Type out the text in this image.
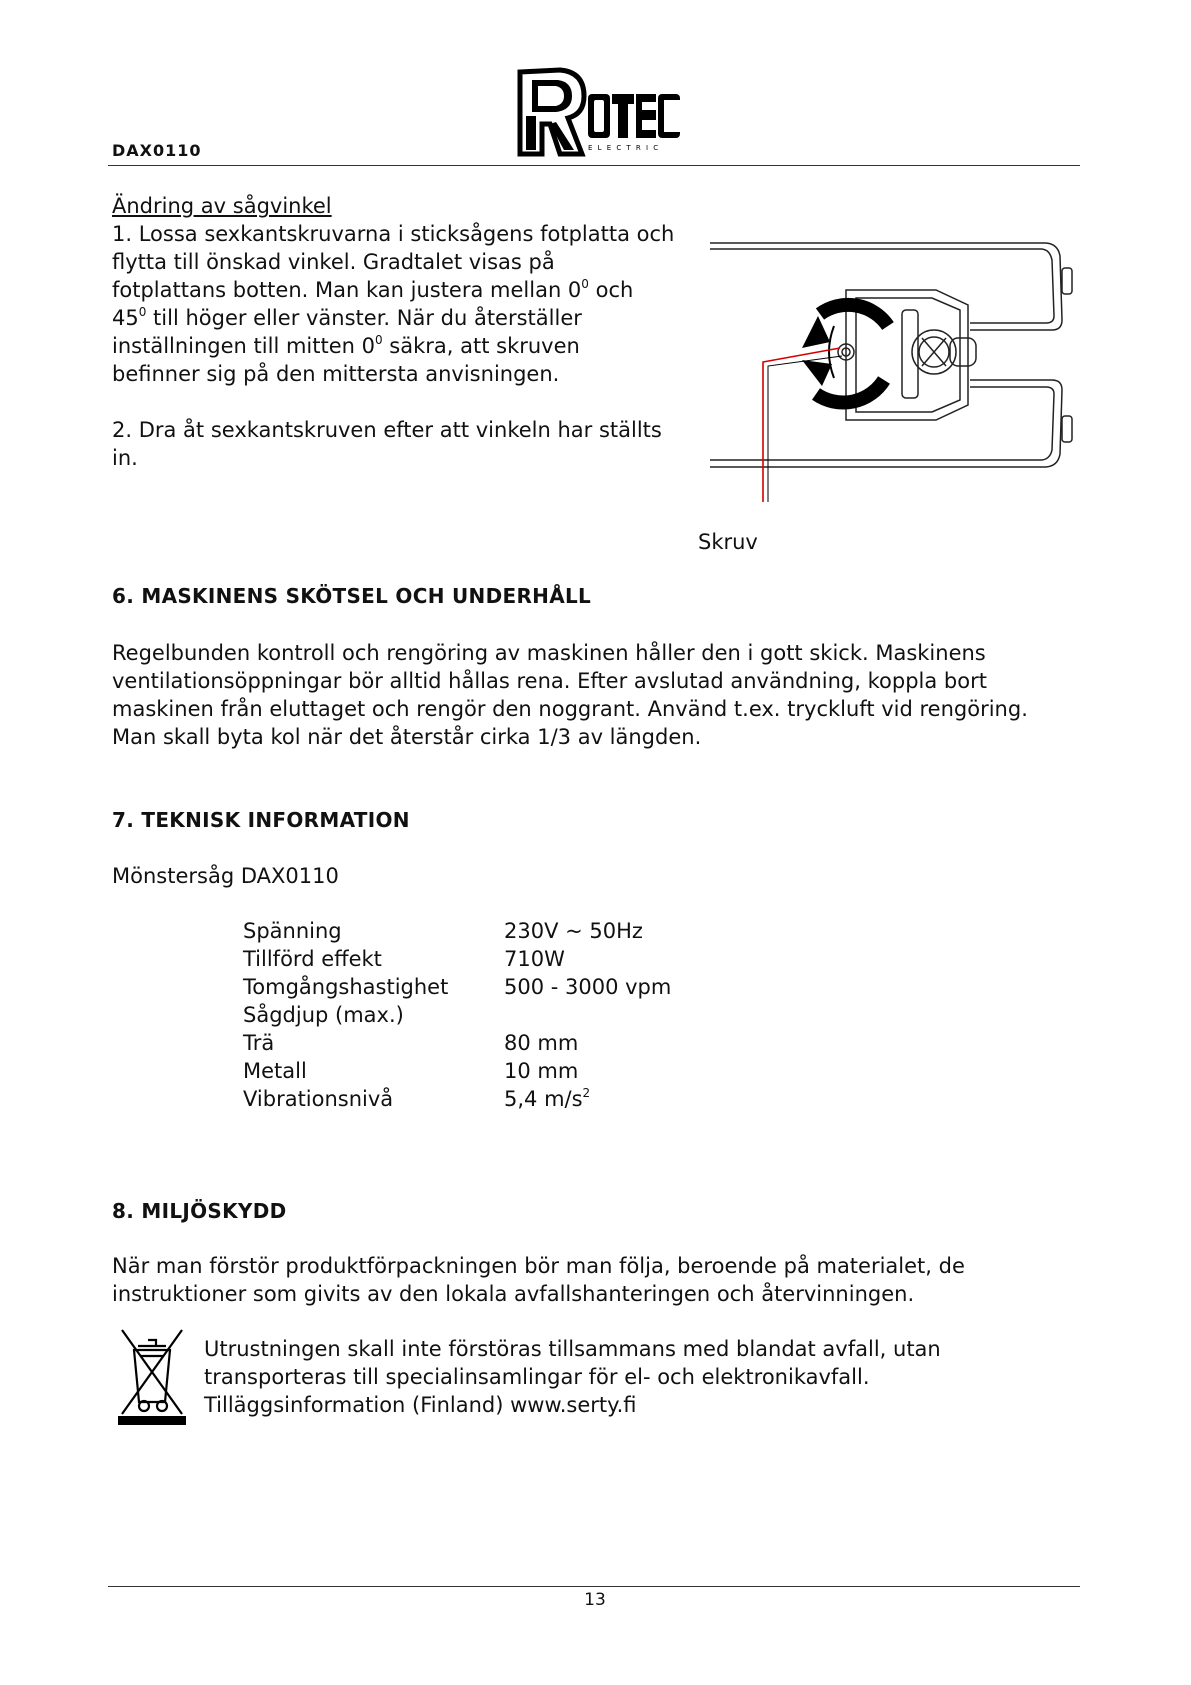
DAX0110	ELECTRIC
Ändring av sågvinkel

1. Lossa sexkantskruvarna i sticksågens fotplatta och

flytta till önskad vinkel. Gradtalet visas på

fotplattans botten. Man kan justera mellan $0^0$ och

$45^0$ till höger eller vänster. När du återställer

inställningen till mitten $0^0$ säkra, att skruven

befinner sig på den mittersta anvisningen.

2. Dra åt sexkantskruven efter att vinkeln har ställts

in.

Skruv
6. MASKINENS SKÖTSEL OCH UNDERHÅLL

Regelbunden kontroll och rengöring av maskinen håller den i gott skick. Maskinens

ventilationsöppningar bör alltid hållas rena. Efter avslutad användning, koppla bort

maskinen från eluttaget och rengör den noggrant. Använd t.ex. tryckluft vid rengöring.

Man skall byta kol när det återstår cirka 1/3 av längden.

7. TEKNISK INFORMATION
Mönstersåg DAX0110
Spänning	230V ~ 50Hz
Tillförd effekt	710W
Tomgångshastighet	500 - 3000 vpm
Sågdjup (max.)
Trä	80 mm
Metall	10 mm
Vibrationsnivå	5,4 $m/s^2$
8. MILJÖSKYDD

När man förstör produktförpackningen bör man följa, beroende på materialet, de

instruktioner som givits av den lokala avfallshanteringen och återvinningen.

Utrustningen skall inte förstöras tillsammans med blandat avfall, utan

transporteras till specialinsamlingar för el- och elektronikavfall.

Tilläggsinformation (Finland) www.serty.fi

13
